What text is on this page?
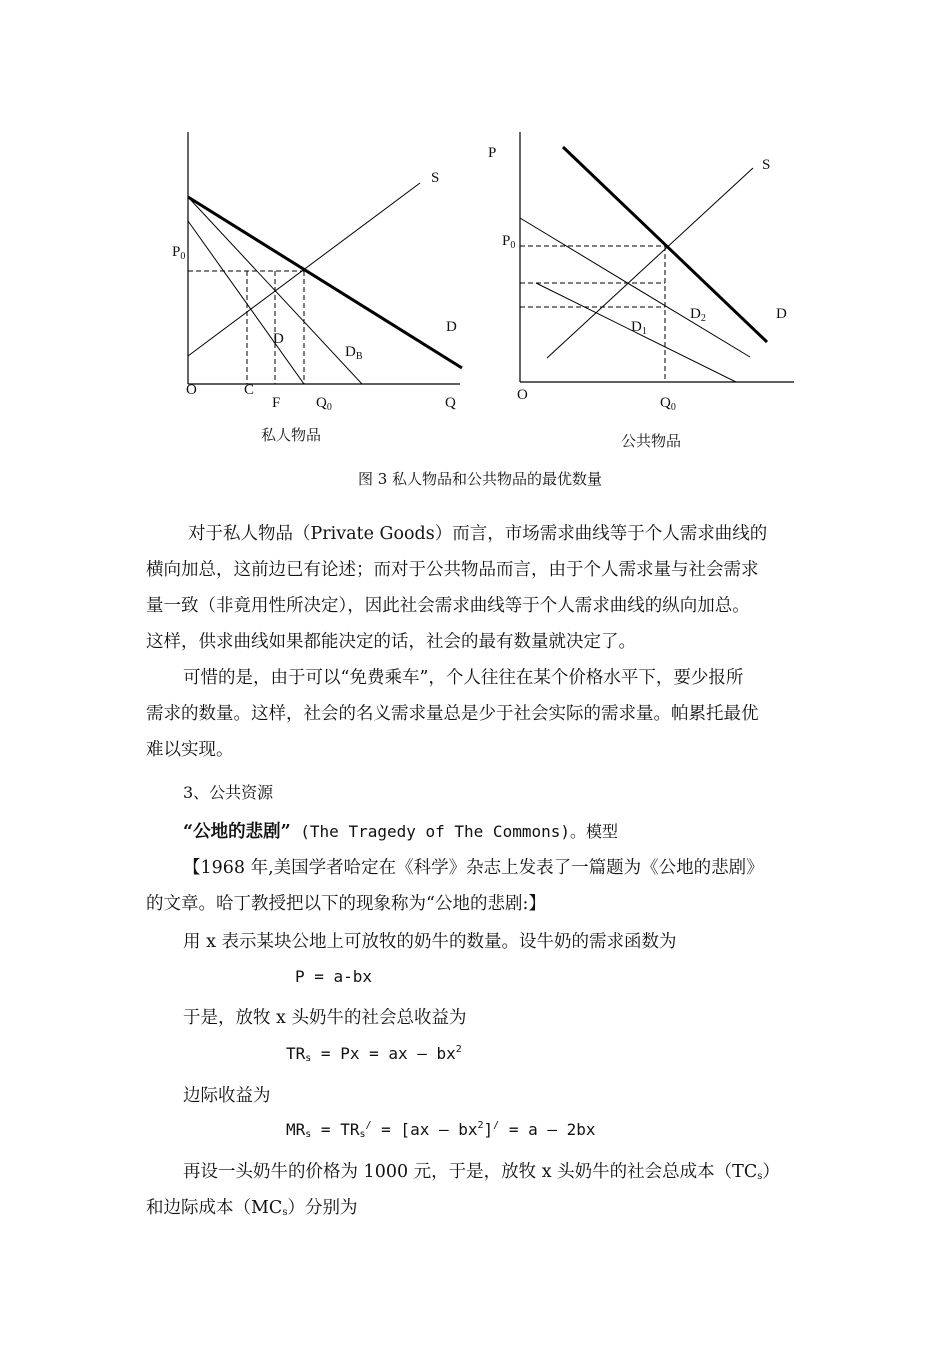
S
$P_0$
D
D
$D_B$
O	C
F $Q_0$	Q
私人物品
P
S
$P_0$
$D_2$	D
$D_1$
O	$Q_0$
公共物品
图 3 私人物品和公共物品的最优数量
对于私人物品（Private Goods）而言，市场需求曲线等于个人需求曲线的
横向加总，这前边已有论述；而对于公共物品而言，由于个人需求量与社会需求
量一致（非竟用性所决定），因此社会需求曲线等于个人需求曲线的纵向加总。
这样，供求曲线如果都能决定的话，社会的最有数量就决定了。
可惜的是，由于可以“免费乘车”，个人往往在某个价格水平下，要少报所
需求的数量。这样，社会的名义需求量总是少于社会实际的需求量。帕累托最优
难以实现。
3、公共资源
“公地的悲剧” (The Tragedy of The Commons)。模型
【1968 年,美国学者哈定在《科学》杂志上发表了一篇题为《公地的悲剧》
的文章。哈丁教授把以下的现象称为“公地的悲剧:】
用 x 表示某块公地上可放牧的奶牛的数量。设牛奶的需求函数为
P = a-bx
于是，放牧 x 头奶牛的社会总收益为
$TR_s = Px$ = ax – $bx^2$
边际收益为
$MR_s = TR_s^/ = [ax - bx^2]^/ = a - 2bx$
再设一头奶牛的价格为 1000 元，于是，放牧 x 头奶牛的社会总成本$(TC_s)$
和边际成本$(MC_s)$分别为
